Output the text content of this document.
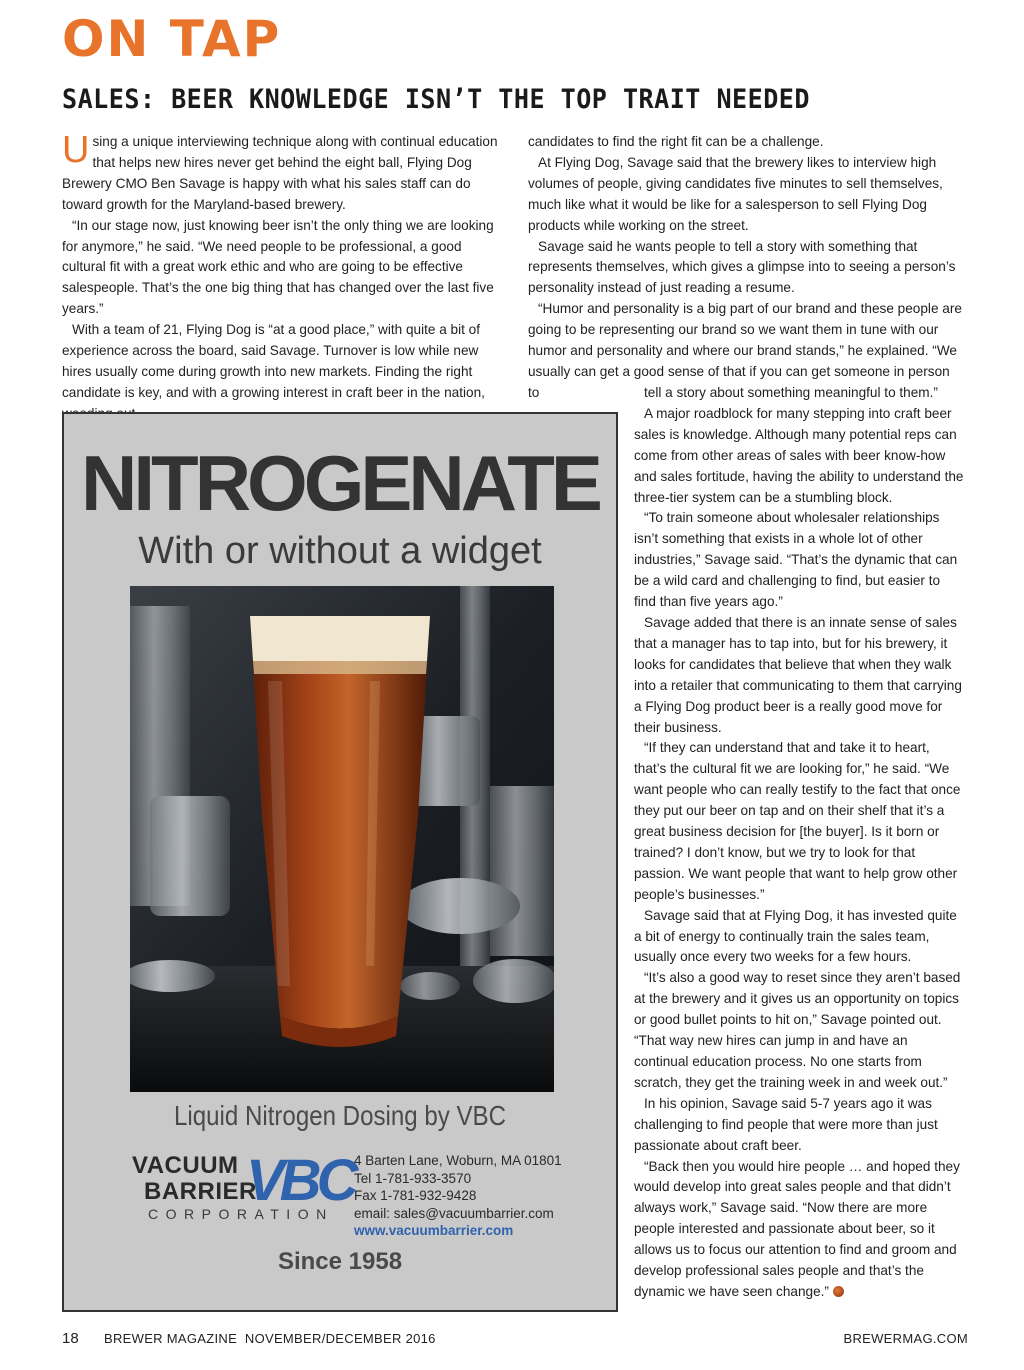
ON TAP
SALES: BEER KNOWLEDGE ISN’T THE TOP TRAIT NEEDED

Using a unique interviewing technique along with continual education that helps new hires never get behind the eight ball, Flying Dog Brewery CMO Ben Savage is happy with what his sales staff can do toward growth for the Maryland-based brewery.

“In our stage now, just knowing beer isn’t the only thing we are looking for anymore,” he said. “We need people to be professional, a good cultural fit with a great work ethic and who are going to be effective salespeople. That’s the one big thing that has changed over the last five years.”

With a team of 21, Flying Dog is “at a good place,” with quite a bit of experience across the board, said Savage. Turnover is low while new hires usually come during growth into new markets. Finding the right candidate is key, and with a growing interest in craft beer in the nation,

candidates to find the right fit can be a challenge.

At Flying Dog, Savage said that the brewery likes to interview high volumes of people, giving candidates five minutes to sell themselves, much like what it would be like for a salesperson to sell Flying Dog products while working on the street.

Savage said he wants people to tell a story with something that represents themselves, which gives a glimpse into to seeing a person’s personality instead of just reading a resume.

“Humor and personality is a big part of our brand and these people are going to be representing our brand so we want them in tune with our humor and personality and where our brand stands,” he explained. “We usually can get a good sense of that if you can get someone in person to	tell a story about something meaningful to them.”

A major roadblock for many stepping into craft beer sales is knowledge. Although many potential reps can come from other areas of sales with beer know-how and sales fortitude, having the ability to understand the three-tier system can be a stumbling block.

“To train someone about wholesaler relationships isn’t something that exists in a whole lot of other industries,” Savage said. “That’s the dynamic that can be a wild card and challenging to find, but easier to find than five years ago.”

Savage added that there is an innate sense of sales that a manager has to tap into, but for his brewery, it looks for candidates that believe that when they walk into a retailer that communicating to them that carrying a Flying Dog product beer is a really good move for their business.

“If they can understand that and take it to heart, that’s the cultural fit we are looking for,” he said. “We want people who can really testify to the fact that once they put our beer on tap and on their shelf that it’s a great business decision for [the buyer]. Is it born or trained? I don’t know, but we try to look for that passion. We want people that want to help grow other people’s businesses.”

Savage said that at Flying Dog, it has invested quite a bit of energy to continually train the sales team, usually once every two weeks for a few hours.

“It’s also a good way to reset since they aren’t based at the brewery and it gives us an opportunity on topics or good bullet points to hit on,” Savage pointed out. “That way new hires can jump in and have an continual education process. No one starts from scratch, they get the training week in and week out.”

In his opinion, Savage said 5-7 years ago it was challenging to find people that were more than just passionate about craft beer.

“Back then you would hire people … and hoped they would develop into great sales people and that didn’t always work,” Savage said. “Now there are more people interested and passionate about beer, so it allows us to focus our attention to find and groom and develop professional sales people and that’s the dynamic we have seen change.”

NITROGENATE
With or without a widget
Liquid Nitrogen Dosing by VBC
VACUUM
BARRIER
VBC
CORPORATION
4 Barten Lane, Woburn, MA 01801
Tel 1-781-933-3570
Fax 1-781-932-9428
email: sales@vacuumbarrier.com
www.vacuumbarrier.com
Since 1958
18 BREWER MAGAZINE  NOVEMBER/DECEMBER 2016	BREWERMAG.COM
